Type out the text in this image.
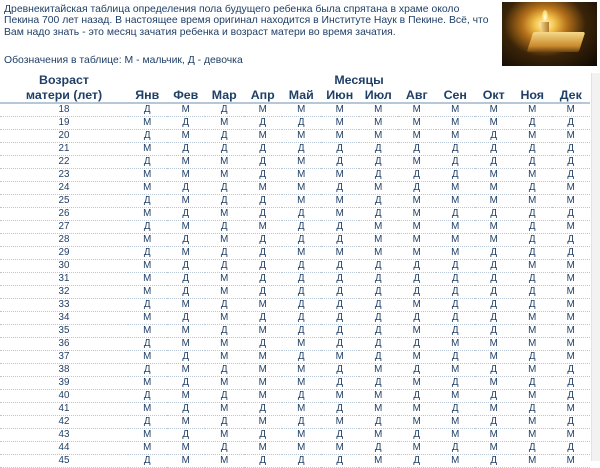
Древнекитайская таблица определения пола будущего ребенка была спрятана в храме около Пекина 700 лет назад. В настоящее время оригинал находится в Институте Наук в Пекине. Всё, что Вам надо знать - это месяц зачатия ребенка и возраст матери во время зачатия.
Обозначения в таблице: М - мальчик, Д - девочка
Возраст	Месяцы											
матери (лет)	Янв	Фев	Мар	Апр	Май	Июн	Июл	Авг	Сен	Окт	Ноя	Дек
18	Д	М	Д	М	М	М	М	М	М	М	М	М
19	М	Д	М	Д	Д	М	М	М	М	М	Д	Д
20	Д	М	Д	М	М	М	М	М	М	Д	М	М
21	М	Д	Д	Д	Д	Д	Д	Д	Д	Д	Д	Д
22	Д	М	М	Д	М	Д	Д	М	Д	Д	Д	Д
23	М	М	М	Д	М	М	Д	Д	Д	М	М	Д
24	М	Д	Д	М	М	Д	М	Д	М	М	Д	М
25	Д	М	Д	Д	М	М	Д	М	М	М	М	М
26	М	Д	М	Д	Д	М	Д	М	Д	Д	Д	Д
27	Д	М	Д	М	Д	Д	М	М	М	М	Д	М
28	М	Д	М	Д	Д	Д	М	М	М	М	Д	Д
29	Д	М	Д	Д	М	М	М	М	М	Д	Д	Д
30	М	Д	Д	Д	Д	Д	Д	Д	Д	Д	М	М
31	М	Д	М	Д	Д	Д	Д	Д	Д	Д	Д	М
32	М	Д	М	Д	Д	Д	Д	Д	Д	Д	Д	М
33	Д	М	Д	М	Д	Д	Д	М	Д	Д	Д	М
34	М	Д	М	Д	Д	Д	Д	Д	Д	Д	М	М
35	М	М	Д	М	Д	Д	Д	М	Д	Д	М	М
36	Д	М	М	Д	М	Д	Д	Д	М	М	М	М
37	М	Д	М	М	Д	М	Д	М	Д	М	Д	М
38	Д	М	Д	М	М	Д	М	Д	М	Д	М	Д
39	М	Д	М	М	М	Д	Д	М	Д	М	Д	Д
40	Д	М	Д	М	Д	М	М	Д	М	Д	М	Д
41	М	Д	М	Д	М	Д	М	М	Д	М	Д	М
42	Д	М	Д	М	Д	М	Д	М	М	Д	М	Д
43	М	Д	М	Д	М	Д	М	Д	М	М	М	М
44	М	М	Д	М	М	М	Д	М	Д	М	Д	Д
45	Д	М	М	Д	Д	Д	М	Д	М	Д	М	М
